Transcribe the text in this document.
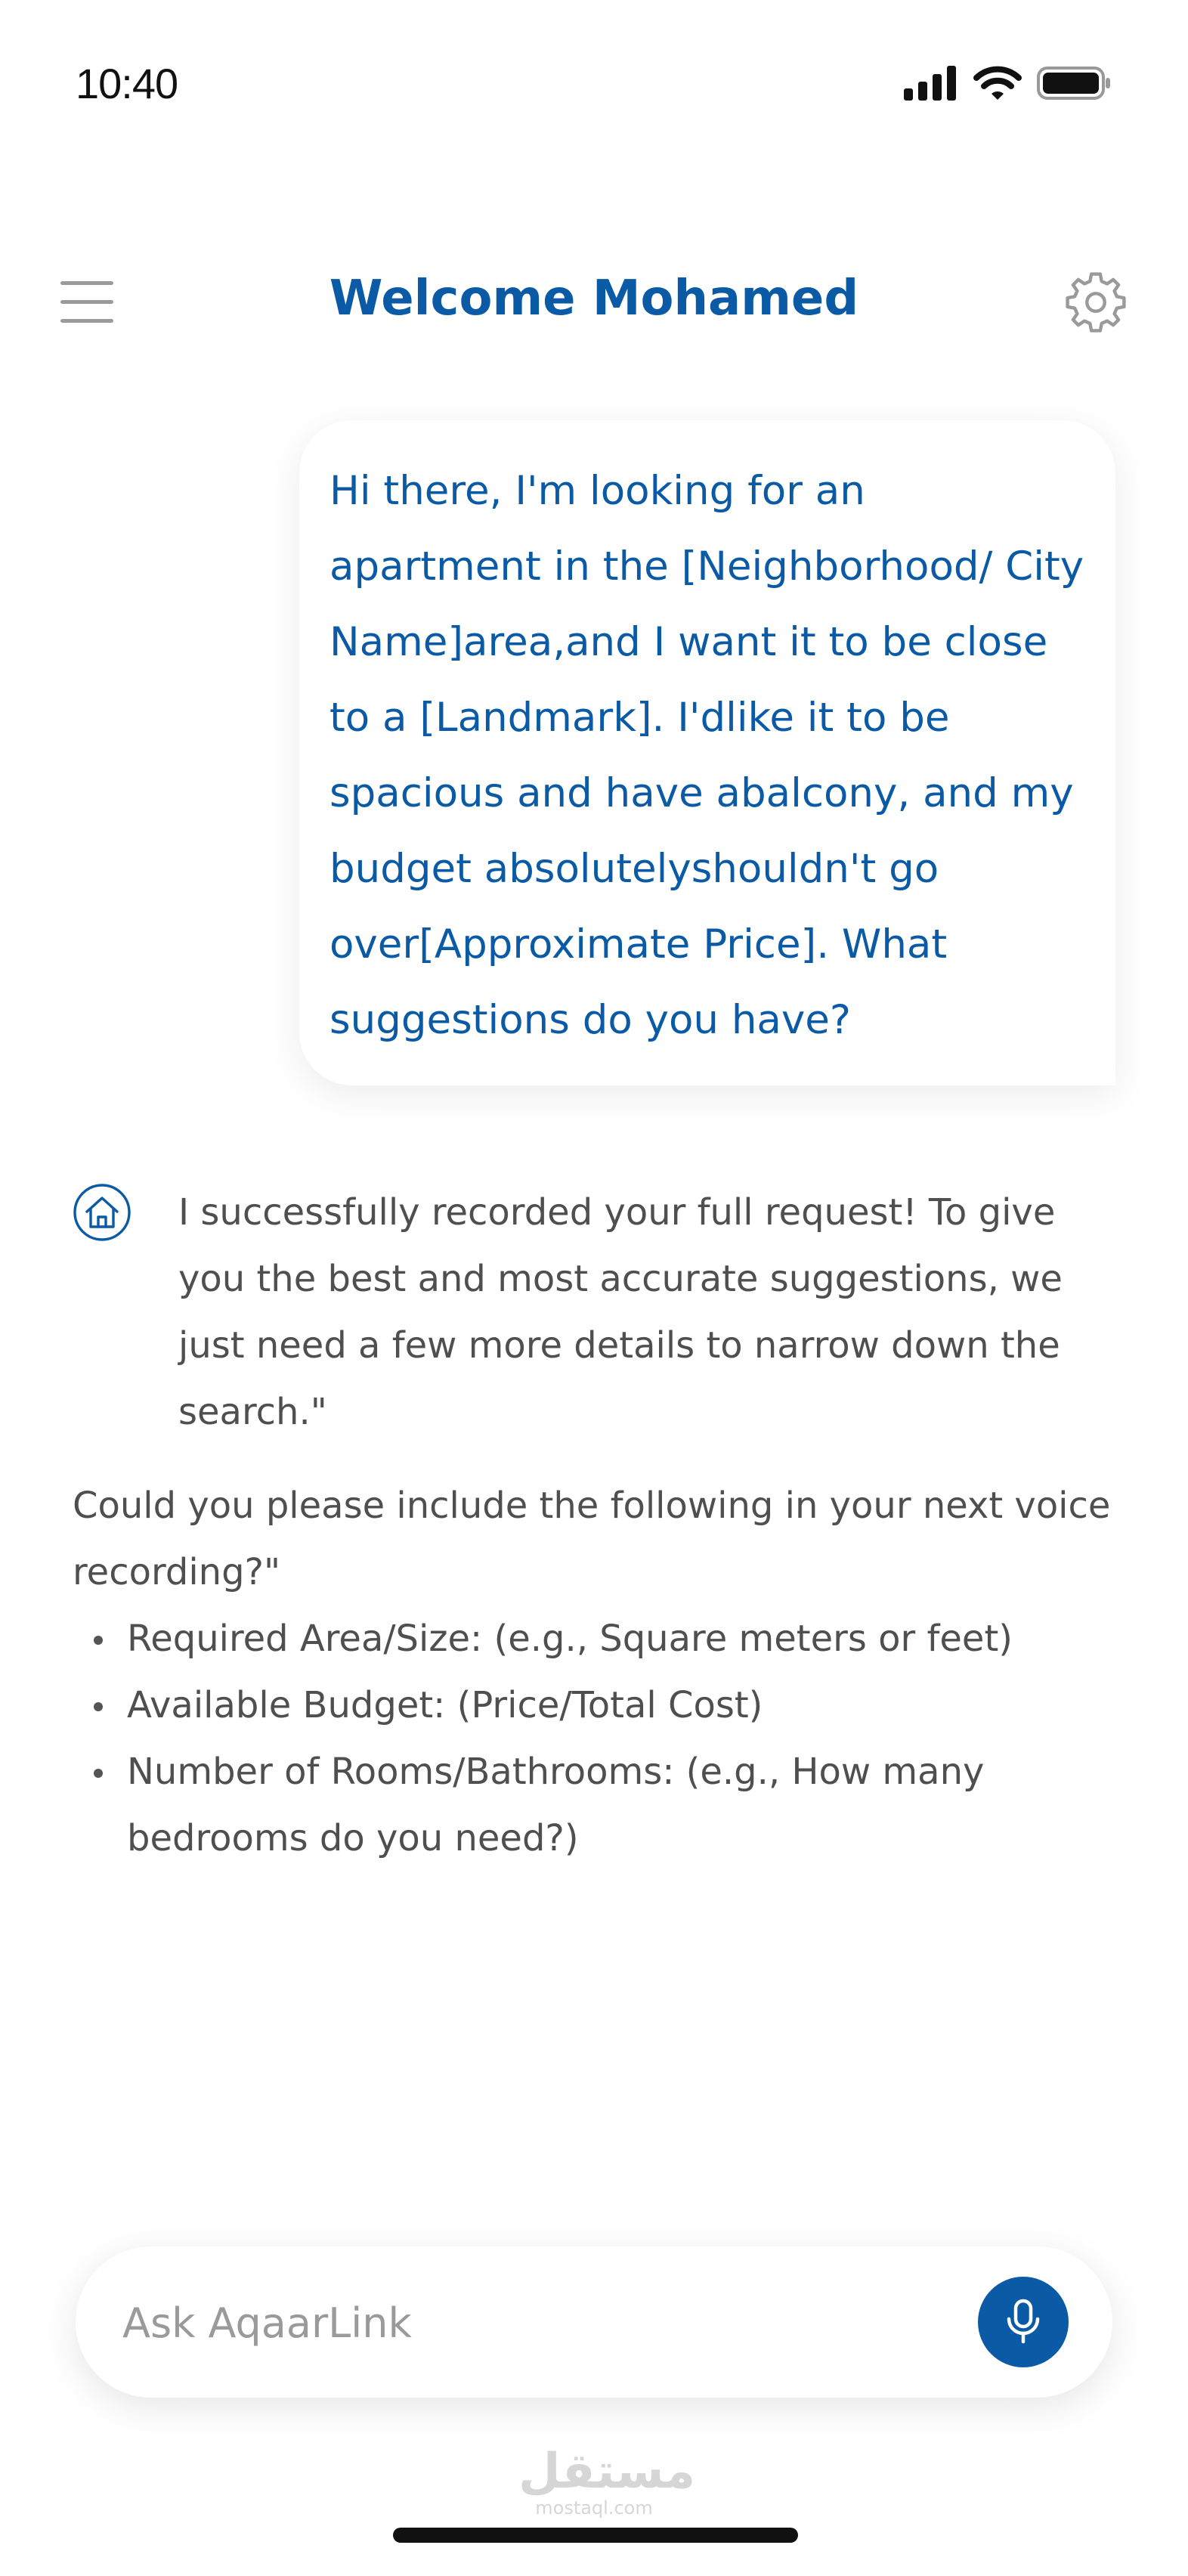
10:40
Welcome Mohamed

Hi there, I'm looking for an apartment in the [Neighborhood/ City Name]area,and I want it to be close to a [Landmark]. I'dlike it to be spacious and have abalcony, and my budget absolutelyshouldn't go over[Approximate Price]. What suggestions do you have?

I successfully recorded your full request! To give you the best and most accurate suggestions, we just need a few more details to narrow down the search."

Could you please include the following in your next voice recording?"

Required Area/Size: (e.g., Square meters or feet)
Available Budget: (Price/Total Cost)
Number of Rooms/Bathrooms: (e.g., How many bedrooms do you need?)
Ask AqaarLink
مستقل
mostaql.com
